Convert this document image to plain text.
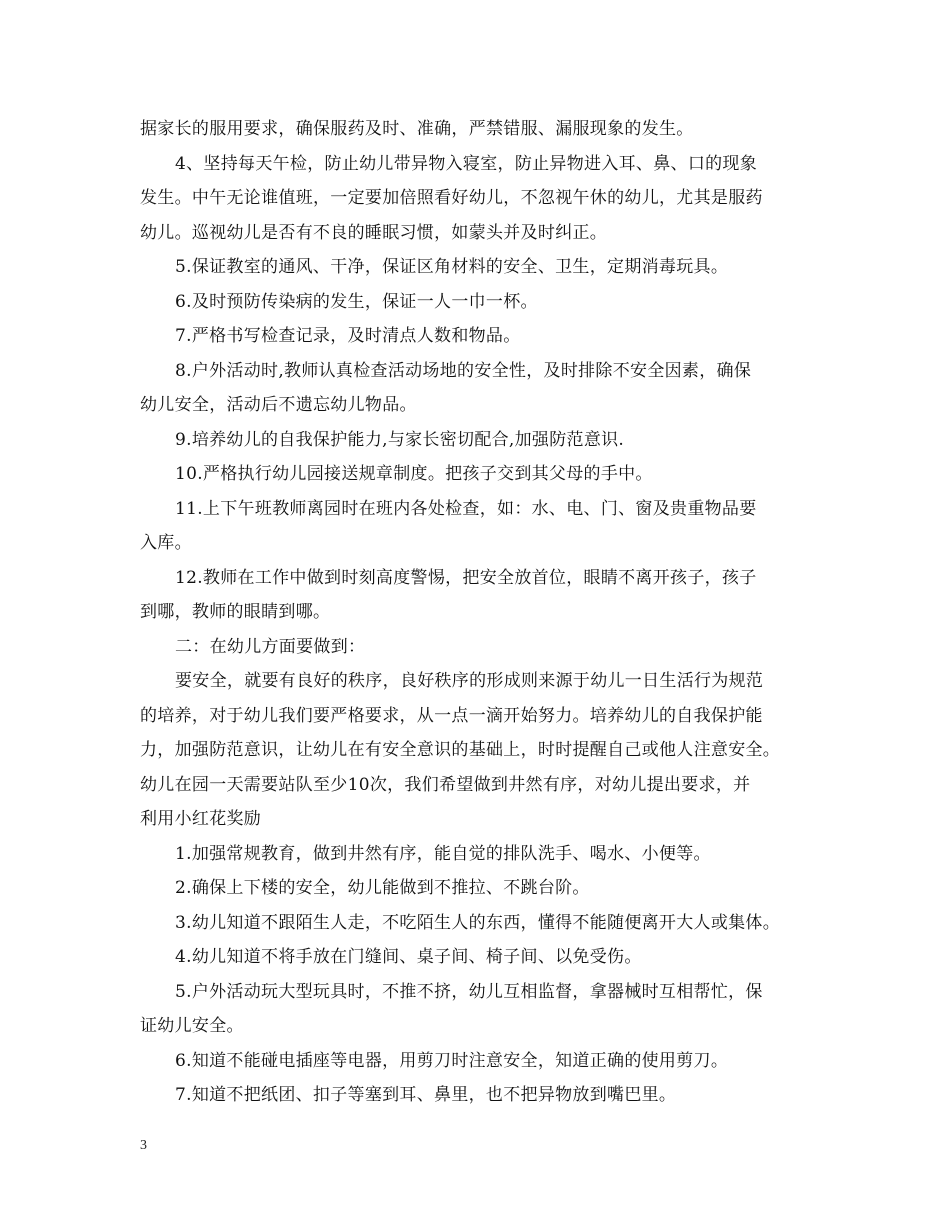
据家长的服用要求，确保服药及时、准确，严禁错服、漏服现象的发生。

4、坚持每天午检，防止幼儿带异物入寝室，防止异物进入耳、鼻、口的现象

发生。中午无论谁值班，一定要加倍照看好幼儿，不忽视午休的幼儿，尤其是服药

幼儿。巡视幼儿是否有不良的睡眠习惯，如蒙头并及时纠正。

5.保证教室的通风、干净，保证区角材料的安全、卫生，定期消毒玩具。

6.及时预防传染病的发生，保证一人一巾一杯。

7.严格书写检查记录，及时清点人数和物品。

8.户外活动时,教师认真检查活动场地的安全性，及时排除不安全因素，确保

幼儿安全，活动后不遗忘幼儿物品。

9.培养幼儿的自我保护能力,与家长密切配合,加强防范意识.

10.严格执行幼儿园接送规章制度。把孩子交到其父母的手中。

11.上下午班教师离园时在班内各处检查，如：水、电、门、窗及贵重物品要

入库。

12.教师在工作中做到时刻高度警惕，把安全放首位，眼睛不离开孩子，孩子

到哪，教师的眼睛到哪。

二：在幼儿方面要做到：

要安全，就要有良好的秩序，良好秩序的形成则来源于幼儿一日生活行为规范

的培养，对于幼儿我们要严格要求，从一点一滴开始努力。培养幼儿的自我保护能

力，加强防范意识，让幼儿在有安全意识的基础上，时时提醒自己或他人注意安全。

幼儿在园一天需要站队至少10次，我们希望做到井然有序，对幼儿提出要求，并

利用小红花奖励

1.加强常规教育，做到井然有序，能自觉的排队洗手、喝水、小便等。

2.确保上下楼的安全，幼儿能做到不推拉、不跳台阶。

3.幼儿知道不跟陌生人走，不吃陌生人的东西，懂得不能随便离开大人或集体。

4.幼儿知道不将手放在门缝间、桌子间、椅子间、以免受伤。

5.户外活动玩大型玩具时，不推不挤，幼儿互相监督，拿器械时互相帮忙，保

证幼儿安全。

6.知道不能碰电插座等电器，用剪刀时注意安全，知道正确的使用剪刀。

7.知道不把纸团、扣子等塞到耳、鼻里，也不把异物放到嘴巴里。

3
